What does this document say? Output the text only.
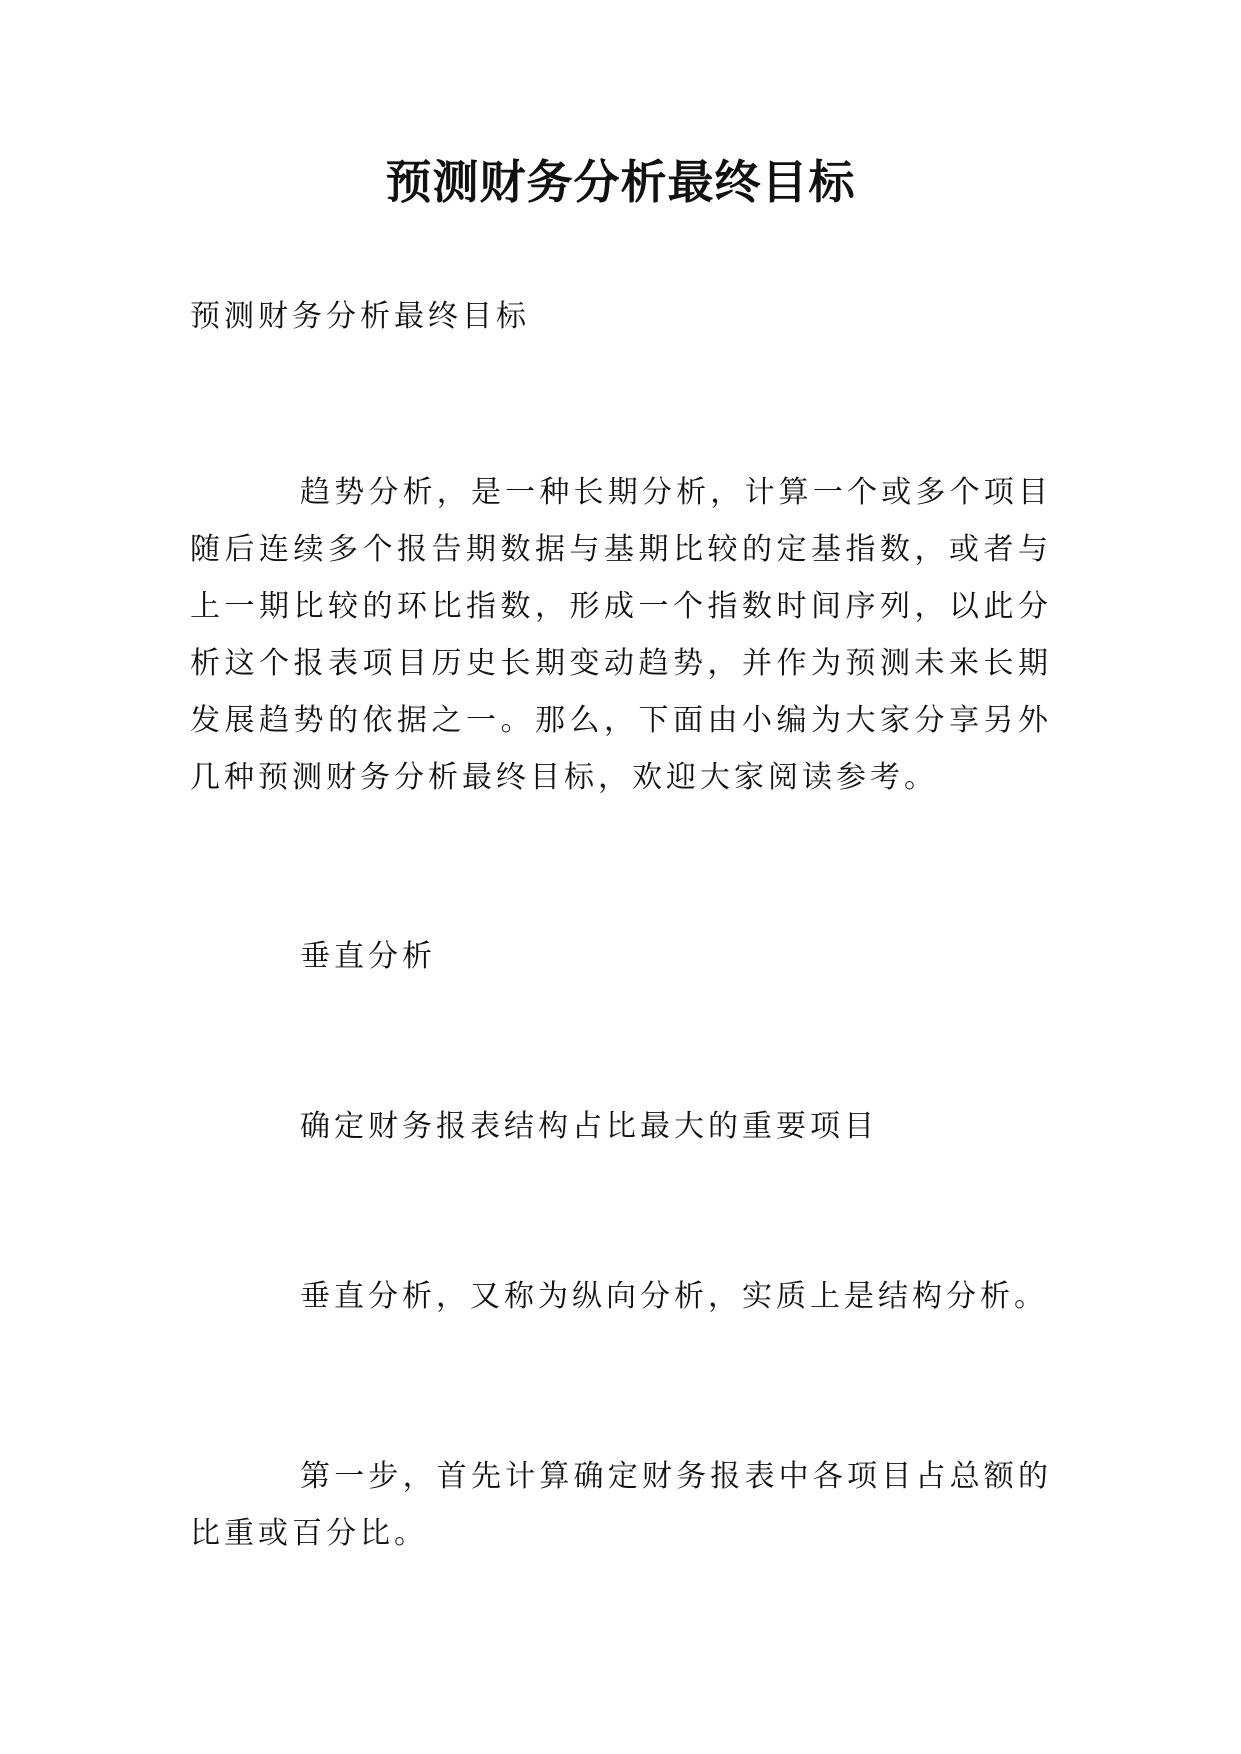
预测财务分析最终目标

预测财务分析最终目标

趋势分析，是一种长期分析，计算一个或多个项目随后连续多个报告期数据与基期比较的定基指数，或者与上一期比较的环比指数，形成一个指数时间序列，以此分析这个报表项目历史长期变动趋势，并作为预测未来长期发展趋势的依据之一。那么，下面由小编为大家分享另外几种预测财务分析最终目标，欢迎大家阅读参考。

垂直分析

确定财务报表结构占比最大的重要项目

垂直分析，又称为纵向分析，实质上是结构分析。

第一步，首先计算确定财务报表中各项目占总额的比重或百分比。
